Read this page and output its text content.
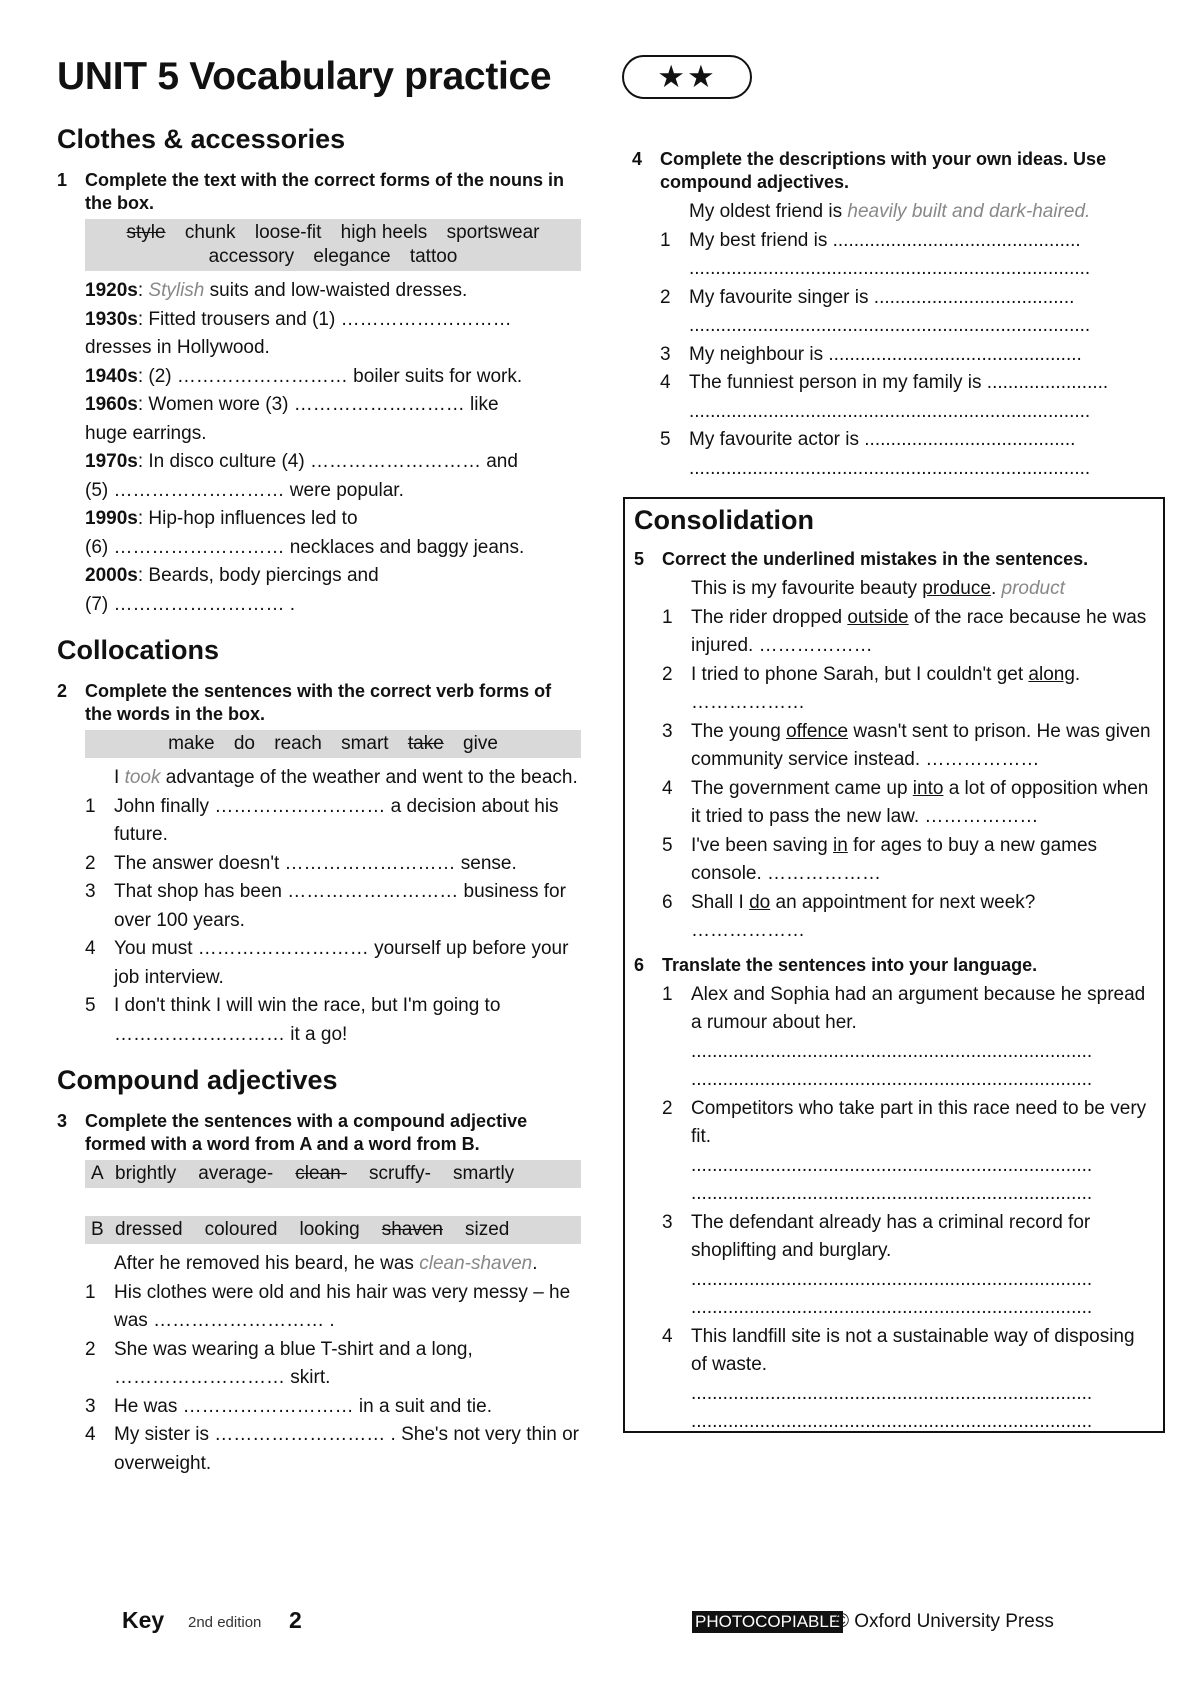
UNIT 5 Vocabulary practice	★★
Clothes & accessories
1 Complete the text with the correct forms of the nouns in the box.
style chunk loose-fit high heels sportswear
accessory elegance tattoo
1920s: Stylish suits and low-waisted dresses.
1930s: Fitted trousers and (1) ………………………
dresses in Hollywood.
1940s: (2) ……………………… boiler suits for work.
1960s: Women wore (3) ……………………… like
huge earrings.
1970s: In disco culture (4) ……………………… and
(5) ……………………… were popular.
1990s: Hip-hop influences led to
(6) ……………………… necklaces and baggy jeans.
2000s: Beards, body piercings and
(7) ……………………… .
Collocations
2 Complete the sentences with the correct verb forms of the words in the box.
make do reach smart take give
I took advantage of the weather and went to the beach.
1 John finally ……………………… a decision about his future.
2 The answer doesn't ……………………… sense.
3 That shop has been ……………………… business for over 100 years.
4 You must ……………………… yourself up before your job interview.
5 I don't think I will win the race, but I'm going to ……………………… it a go!
Compound adjectives
3 Complete the sentences with a compound adjective formed with a word from A and a word from B.
A brightly average- clean- scruffy- smartly
B dressed coloured looking shaven sized
After he removed his beard, he was clean-shaven.
1 His clothes were old and his hair was very messy – he was ……………………… .
2 She was wearing a blue T-shirt and a long, ……………………… skirt.
3 He was ……………………… in a suit and tie.
4 My sister is ……………………… . She's not very thin or overweight.
4 Complete the descriptions with your own ideas. Use compound adjectives.
My oldest friend is heavily built and dark-haired.
1 My best friend is ...............................................
............................................................................
2 My favourite singer is ......................................
............................................................................
3 My neighbour is ................................................
4 The funniest person in my family is .......................
............................................................................
5 My favourite actor is ........................................
............................................................................
Consolidation
5 Correct the underlined mistakes in the sentences.
This is my favourite beauty produce. product
1 The rider dropped outside of the race because he was injured. ………………
2 I tried to phone Sarah, but I couldn't get along. ………………
3 The young offence wasn't sent to prison. He was given community service instead. ………………
4 The government came up into a lot of opposition when it tried to pass the new law. ………………
5 I've been saving in for ages to buy a new games console. ………………
6 Shall I do an appointment for next week? ………………
6 Translate the sentences into your language.
1 Alex and Sophia had an argument because he spread a rumour about her.
............................................................................
............................................................................
2 Competitors who take part in this race need to be very fit.
............................................................................
............................................................................
3 The defendant already has a criminal record for shoplifting and burglary.
............................................................................
............................................................................
4 This landfill site is not a sustainable way of disposing of waste.
............................................................................
............................................................................
Key 2nd edition 2	PHOTOCOPIABLE
© Oxford University Press
